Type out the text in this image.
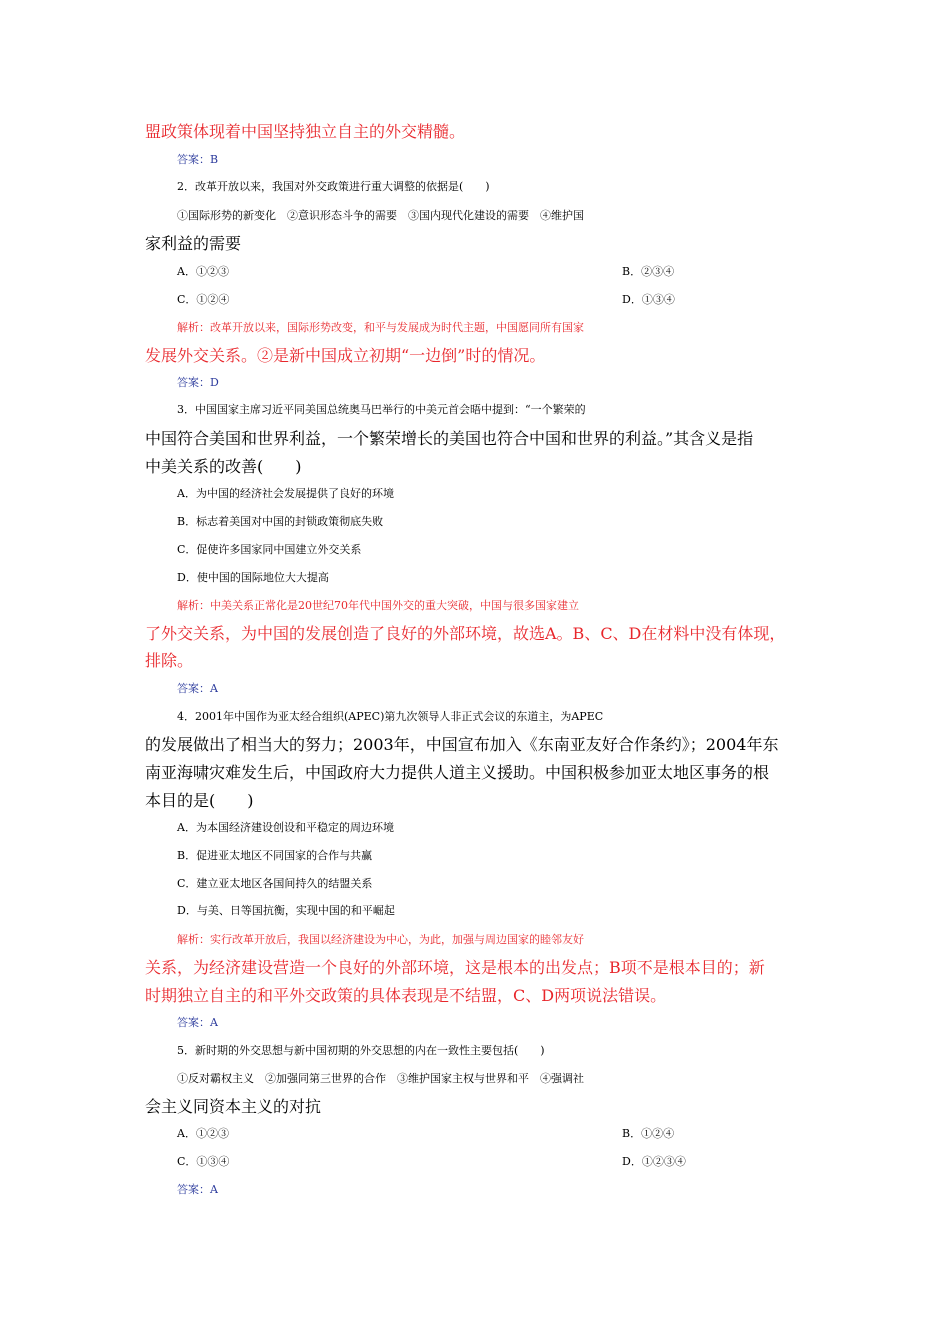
盟政策体现着中国坚持独立自主的外交精髓。
答案：B
2．改革开放以来，我国对外交政策进行重大调整的依据是(　　)
①国际形势的新变化　②意识形态斗争的需要　③国内现代化建设的需要　④维护国
家利益的需要
A．①②③	B．②③④
C．①②④	D．①③④
解析：改革开放以来，国际形势改变，和平与发展成为时代主题，中国愿同所有国家
发展外交关系。②是新中国成立初期“一边倒”时的情况。
答案：D
3．中国国家主席习近平同美国总统奥马巴举行的中美元首会晤中提到：“一个繁荣的
中国符合美国和世界利益，一个繁荣增长的美国也符合中国和世界的利益。”其含义是指
中美关系的改善(　　)
A．为中国的经济社会发展提供了良好的环境
B．标志着美国对中国的封锁政策彻底失败
C．促使许多国家同中国建立外交关系
D．使中国的国际地位大大提高
解析：中美关系正常化是20世纪70年代中国外交的重大突破，中国与很多国家建立
了外交关系，为中国的发展创造了良好的外部环境，故选A。B、C、D在材料中没有体现，
排除。
答案：A
4．2001年中国作为亚太经合组织(APEC)第九次领导人非正式会议的东道主，为APEC
的发展做出了相当大的努力；2003年，中国宣布加入《东南亚友好合作条约》；2004年东
南亚海啸灾难发生后，中国政府大力提供人道主义援助。中国积极参加亚太地区事务的根
本目的是(　　)
A．为本国经济建设创设和平稳定的周边环境
B．促进亚太地区不同国家的合作与共赢
C．建立亚太地区各国间持久的结盟关系
D．与美、日等国抗衡，实现中国的和平崛起
解析：实行改革开放后，我国以经济建设为中心，为此，加强与周边国家的睦邻友好
关系，为经济建设营造一个良好的外部环境，这是根本的出发点；B项不是根本目的；新
时期独立自主的和平外交政策的具体表现是不结盟，C、D两项说法错误。
答案：A
5．新时期的外交思想与新中国初期的外交思想的内在一致性主要包括(　　)
①反对霸权主义　②加强同第三世界的合作　③维护国家主权与世界和平　④强调社
会主义同资本主义的对抗
A．①②③	B．①②④
C．①③④	D．①②③④
答案：A
